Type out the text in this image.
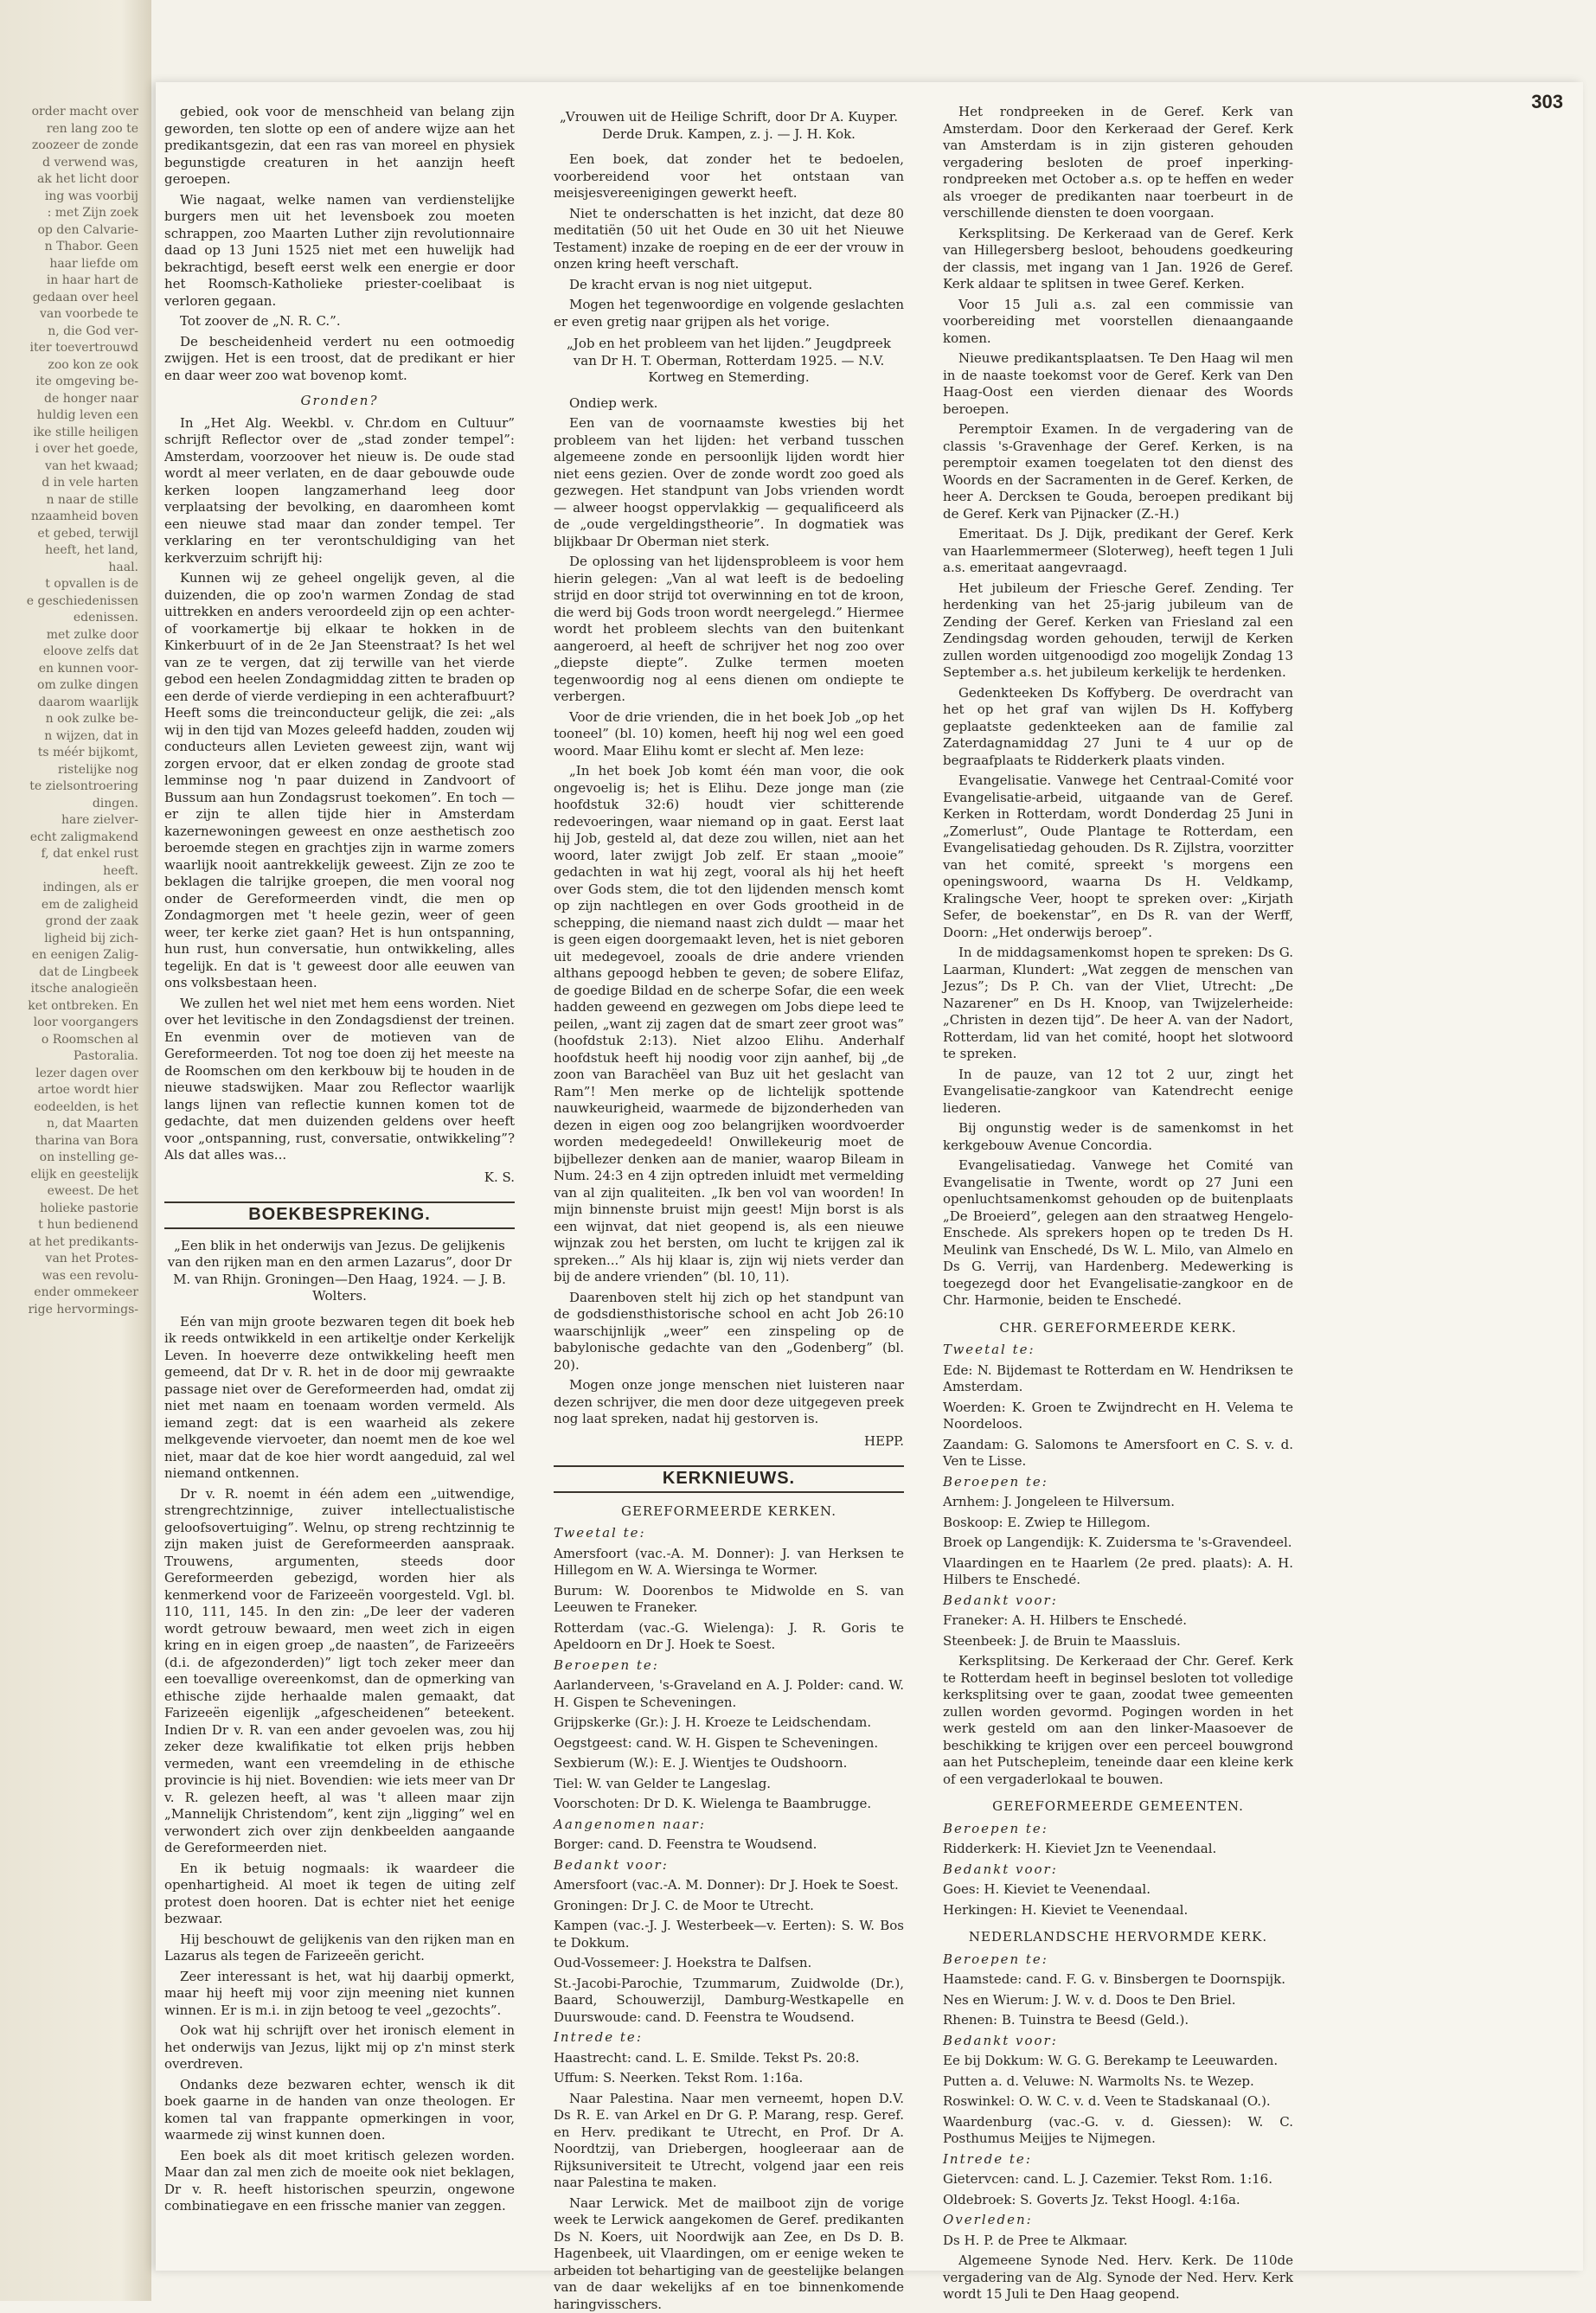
order macht over

ren lang zoo te

zoozeer de zonde

d verwend was,

ak het licht door

ing was voorbij

: met Zijn zoek

op den Calvarie-

n Thabor. Geen

haar liefde om

in haar hart de

gedaan over heel

van voorbede te

n, die God ver-

iter toevertrouwd

zoo kon ze ook

ite omgeving be-

de honger naar

huldig leven een

ike stille heiligen

i over het goede,

van het kwaad;

d in vele harten

n naar de stille

nzaamheid boven

et gebed, terwijl

heeft, het land,

haal.

t opvallen is de

e geschiedenissen

edenissen.

met zulke door

eloove zelfs dat

en kunnen voor-

om zulke dingen

daarom waarlijk

n ook zulke be-

n wijzen, dat in

ts méér bijkomt,

ristelijke nog

te zielsontroering

dingen.

hare zielver-

echt zaligmakend

f, dat enkel rust

heeft.

indingen, als er

em de zaligheid

grond der zaak

ligheid bij zich-

en eenigen Zalig-

dat de Lingbeek

itsche analogieën

ket ontbreken. En

loor voorgangers

o Roomschen al

Pastoralia.

lezer dagen over

artoe wordt hier

eodeelden, is het

n, dat Maarten

tharina van Bora

on instelling ge-

elijk en geestelijk

eweest. De het

holieke pastorie

t hun bedienend

at het predikants-

van het Protes-

was een revolu-

ender ommekeer

rige hervormings-

303

gebied, ook voor de menschheid van belang zijn geworden, ten slotte op een of andere wijze aan het predikantsgezin, dat een ras van moreel en physiek begunstigde creaturen in het aanzijn heeft geroepen.

Wie nagaat, welke namen van verdienstelijke burgers men uit het levensboek zou moeten schrappen, zoo Maarten Luther zijn revolutionnaire daad op 13 Juni 1525 niet met een huwelijk had bekrachtigd, beseft eerst welk een energie er door het Roomsch-Katholieke priester-coelibaat is verloren gegaan.

Tot zoover de „N. R. C.”.

De bescheidenheid verdert nu een ootmoedig zwijgen. Het is een troost, dat de predikant er hier en daar weer zoo wat bovenop komt.

Gronden?

In „Het Alg. Weekbl. v. Chr.dom en Cultuur” schrijft Reflector over de „stad zonder tempel”: Amsterdam, voorzoover het nieuw is. De oude stad wordt al meer verlaten, en de daar gebouwde oude kerken loopen langzamerhand leeg door verplaatsing der bevolking, en daaromheen komt een nieuwe stad maar dan zonder tempel. Ter verklaring en ter verontschuldiging van het kerkverzuim schrijft hij:

Kunnen wij ze geheel ongelijk geven, al die duizenden, die op zoo'n warmen Zondag de stad uittrekken en anders veroordeeld zijn op een achter- of voorkamertje bij elkaar te hokken in de Kinkerbuurt of in de 2e Jan Steenstraat? Is het wel van ze te vergen, dat zij terwille van het vierde gebod een heelen Zondagmiddag zitten te braden op een derde of vierde verdieping in een achterafbuurt? Heeft soms die treinconducteur gelijk, die zei: „als wij in den tijd van Mozes geleefd hadden, zouden wij conducteurs allen Levieten geweest zijn, want wij zorgen ervoor, dat er elken zondag de groote stad lemminse nog 'n paar duizend in Zandvoort of Bussum aan hun Zondagsrust toekomen”. En toch — er zijn te allen tijde hier in Amsterdam kazernewoningen geweest en onze aesthetisch zoo beroemde stegen en grachtjes zijn in warme zomers waarlijk nooit aantrekkelijk geweest. Zijn ze zoo te beklagen die talrijke groepen, die men vooral nog onder de Gereformeerden vindt, die men op Zondagmorgen met 't heele gezin, weer of geen weer, ter kerke ziet gaan? Het is hun ontspanning, hun rust, hun conversatie, hun ontwikkeling, alles tegelijk. En dat is 't geweest door alle eeuwen van ons volksbestaan heen.

We zullen het wel niet met hem eens worden. Niet over het levitische in den Zondagsdienst der treinen. En evenmin over de motieven van de Gereformeerden. Tot nog toe doen zij het meeste na de Roomschen om den kerkbouw bij te houden in de nieuwe stadswijken. Maar zou Reflector waarlijk langs lijnen van reflectie kunnen komen tot de gedachte, dat men duizenden geldens over heeft voor „ontspanning, rust, conversatie, ontwikkeling”? Als dat alles was...

K. S.
BOEKBESPREKING.

„Een blik in het onderwijs van Jezus. De gelijkenis van den rijken man en den armen Lazarus”, door Dr M. van Rhijn. Groningen—Den Haag, 1924. — J. B. Wolters.

Eén van mijn groote bezwaren tegen dit boek heb ik reeds ontwikkeld in een artikeltje onder Kerkelijk Leven. In hoeverre deze ontwikkeling heeft men gemeend, dat Dr v. R. het in de door mij gewraakte passage niet over de Gereformeerden had, omdat zij niet met naam en toenaam worden vermeld. Als iemand zegt: dat is een waarheid als zekere melkgevende viervoeter, dan noemt men de koe wel niet, maar dat de koe hier wordt aangeduid, zal wel niemand ontkennen.

Dr v. R. noemt in één adem een „uitwendige, strengrechtzinnige, zuiver intellectualistische geloofsovertuiging”. Welnu, op streng rechtzinnig te zijn maken juist de Gereformeerden aanspraak. Trouwens, argumenten, steeds door Gereformeerden gebezigd, worden hier als kenmerkend voor de Farizeeën voorgesteld. Vgl. bl. 110, 111, 145. In den zin: „De leer der vaderen wordt getrouw bewaard, men weet zich in eigen kring en in eigen groep „de naasten”, de Farizeeërs (d.i. de afgezonderden)” ligt toch zeker meer dan een toevallige overeenkomst, dan de opmerking van ethische zijde herhaalde malen gemaakt, dat Farizeeën eigenlijk „afgescheidenen” beteekent. Indien Dr v. R. van een ander gevoelen was, zou hij zeker deze kwalifikatie tot elken prijs hebben vermeden, want een vreemdeling in de ethische provincie is hij niet. Bovendien: wie iets meer van Dr v. R. gelezen heeft, al was 't alleen maar zijn „Mannelijk Christendom”, kent zijn „ligging” wel en verwondert zich over zijn denkbeelden aangaande de Gereformeerden niet.

En ik betuig nogmaals: ik waardeer die openhartigheid. Al moet ik tegen de uiting zelf protest doen hooren. Dat is echter niet het eenige bezwaar.

Hij beschouwt de gelijkenis van den rijken man en Lazarus als tegen de Farizeeën gericht.

Zeer interessant is het, wat hij daarbij opmerkt, maar hij heeft mij voor zijn meening niet kunnen winnen. Er is m.i. in zijn betoog te veel „gezochts”.

Ook wat hij schrijft over het ironisch element in het onderwijs van Jezus, lijkt mij op z'n minst sterk overdreven.

Ondanks deze bezwaren echter, wensch ik dit boek gaarne in de handen van onze theologen. Er komen tal van frappante opmerkingen in voor, waarmede zij winst kunnen doen.

Een boek als dit moet kritisch gelezen worden. Maar dan zal men zich de moeite ook niet beklagen, Dr v. R. heeft historischen speurzin, ongewone combinatiegave en een frissche manier van zeggen.

„Vrouwen uit de Heilige Schrift, door Dr A. Kuyper. Derde Druk. Kampen, z. j. — J. H. Kok.

Een boek, dat zonder het te bedoelen, voorbereidend voor het ontstaan van meisjesvereenigingen gewerkt heeft.

Niet te onderschatten is het inzicht, dat deze 80 meditatiën (50 uit het Oude en 30 uit het Nieuwe Testament) inzake de roeping en de eer der vrouw in onzen kring heeft verschaft.

De kracht ervan is nog niet uitgeput.

Mogen het tegenwoordige en volgende geslachten er even gretig naar grijpen als het vorige.

„Job en het probleem van het lijden.” Jeugdpreek van Dr H. T. Oberman, Rotterdam 1925. — N.V. Kortweg en Stemerding.

Ondiep werk.

Een van de voornaamste kwesties bij het probleem van het lijden: het verband tusschen algemeene zonde en persoonlijk lijden wordt hier niet eens gezien. Over de zonde wordt zoo goed als gezwegen. Het standpunt van Jobs vrienden wordt — alweer hoogst oppervlakkig — gequalificeerd als de „oude vergeldingstheorie”. In dogmatiek was blijkbaar Dr Oberman niet sterk.

De oplossing van het lijdensprobleem is voor hem hierin gelegen: „Van al wat leeft is de bedoeling strijd en door strijd tot overwinning en tot de kroon, die werd bij Gods troon wordt neergelegd.” Hiermee wordt het probleem slechts van den buitenkant aangeroerd, al heeft de schrijver het nog zoo over „diepste diepte”. Zulke termen moeten tegenwoordig nog al eens dienen om ondiepte te verbergen.

Voor de drie vrienden, die in het boek Job „op het tooneel” (bl. 10) komen, heeft hij nog wel een goed woord. Maar Elihu komt er slecht af. Men leze:

„In het boek Job komt één man voor, die ook ongevoelig is; het is Elihu. Deze jonge man (zie hoofdstuk 32:6) houdt vier schitterende redevoeringen, waar niemand op in gaat. Eerst laat hij Job, gesteld al, dat deze zou willen, niet aan het woord, later zwijgt Job zelf. Er staan „mooie” gedachten in wat hij zegt, vooral als hij het heeft over Gods stem, die tot den lijdenden mensch komt op zijn nachtlegen en over Gods grootheid in de schepping, die niemand naast zich duldt — maar het is geen eigen doorgemaakt leven, het is niet geboren uit medegevoel, zooals de drie andere vrienden althans gepoogd hebben te geven; de sobere Elifaz, de goedige Bildad en de scherpe Sofar, die een week hadden geweend en gezwegen om Jobs diepe leed te peilen, „want zij zagen dat de smart zeer groot was” (hoofdstuk 2:13). Niet alzoo Elihu. Anderhalf hoofdstuk heeft hij noodig voor zijn aanhef, bij „de zoon van Barachëel van Buz uit het geslacht van Ram”! Men merke op de lichtelijk spottende nauwkeurigheid, waarmede de bijzonderheden van dezen in eigen oog zoo belangrijken woordvoerder worden medegedeeld! Onwillekeurig moet de bijbellezer denken aan de manier, waarop Bileam in Num. 24:3 en 4 zijn optreden inluidt met vermelding van al zijn qualiteiten. „Ik ben vol van woorden! In mijn binnenste bruist mijn geest! Mijn borst is als een wijnvat, dat niet geopend is, als een nieuwe wijnzak zou het bersten, om lucht te krijgen zal ik spreken...” Als hij klaar is, zijn wij niets verder dan bij de andere vrienden” (bl. 10, 11).

Daarenboven stelt hij zich op het standpunt van de godsdiensthistorische school en acht Job 26:10 waarschijnlijk „weer” een zinspeling op de babylonische gedachte van den „Godenberg” (bl. 20).

Mogen onze jonge menschen niet luisteren naar dezen schrijver, die men door deze uitgegeven preek nog laat spreken, nadat hij gestorven is.

HEPP.
KERKNIEUWS.
GEREFORMEERDE KERKEN.

Tweetal te:

Amersfoort (vac.-A. M. Donner): J. van Herksen te Hillegom en W. A. Wiersinga te Wormer.

Burum: W. Doorenbos te Midwolde en S. van Leeuwen te Franeker.

Rotterdam (vac.-G. Wielenga): J. R. Goris te Apeldoorn en Dr J. Hoek te Soest.

Beroepen te:

Aarlanderveen, 's-Graveland en A. J. Polder: cand. W. H. Gispen te Scheveningen.

Grijpskerke (Gr.): J. H. Kroeze te Leidschendam.

Oegstgeest: cand. W. H. Gispen te Scheveningen.

Sexbierum (W.): E. J. Wientjes te Oudshoorn.

Tiel: W. van Gelder te Langeslag.

Voorschoten: Dr D. K. Wielenga te Baambrugge.

Aangenomen naar:

Borger: cand. D. Feenstra te Woudsend.

Bedankt voor:

Amersfoort (vac.-A. M. Donner): Dr J. Hoek te Soest.

Groningen: Dr J. C. de Moor te Utrecht.

Kampen (vac.-J. J. Westerbeek—v. Eerten): S. W. Bos te Dokkum.

Oud-Vossemeer: J. Hoekstra te Dalfsen.

St.-Jacobi-Parochie, Tzummarum, Zuidwolde (Dr.), Baard, Schouwerzijl, Damburg-Westkapelle en Duurswoude: cand. D. Feenstra te Woudsend.

Intrede te:

Haastrecht: cand. L. E. Smilde. Tekst Ps. 20:8.

Uffum: S. Neerken. Tekst Rom. 1:16a.

Naar Palestina. Naar men verneemt, hopen D.V. Ds R. E. van Arkel en Dr G. P. Marang, resp. Geref. en Herv. predikant te Utrecht, en Prof. Dr A. Noordtzij, van Driebergen, hoogleeraar aan de Rijksuniversiteit te Utrecht, volgend jaar een reis naar Palestina te maken.

Naar Lerwick. Met de mailboot zijn de vorige week te Lerwick aangekomen de Geref. predikanten Ds N. Koers, uit Noordwijk aan Zee, en Ds D. B. Hagenbeek, uit Vlaardingen, om er eenige weken te arbeiden tot behartiging van de geestelijke belangen van de daar wekelijks af en toe binnenkomende haringvisschers.

Het rondpreeken in de Geref. Kerk van Amsterdam. Door den Kerkeraad der Geref. Kerk van Amsterdam is in zijn gisteren gehouden vergadering besloten de proef inperking-rondpreeken met October a.s. op te heffen en weder als vroeger de predikanten naar toerbeurt in de verschillende diensten te doen voorgaan.

Kerksplitsing. De Kerkeraad van de Geref. Kerk van Hillegersberg besloot, behoudens goedkeuring der classis, met ingang van 1 Jan. 1926 de Geref. Kerk aldaar te splitsen in twee Geref. Kerken.

Voor 15 Juli a.s. zal een commissie van voorbereiding met voorstellen dienaangaande komen.

Nieuwe predikantsplaatsen. Te Den Haag wil men in de naaste toekomst voor de Geref. Kerk van Den Haag-Oost een vierden dienaar des Woords beroepen.

Peremptoir Examen. In de vergadering van de classis 's-Gravenhage der Geref. Kerken, is na peremptoir examen toegelaten tot den dienst des Woords en der Sacramenten in de Geref. Kerken, de heer A. Dercksen te Gouda, beroepen predikant bij de Geref. Kerk van Pijnacker (Z.-H.)

Emeritaat. Ds J. Dijk, predikant der Geref. Kerk van Haarlemmermeer (Sloterweg), heeft tegen 1 Juli a.s. emeritaat aangevraagd.

Het jubileum der Friesche Geref. Zending. Ter herdenking van het 25-jarig jubileum van de Zending der Geref. Kerken van Friesland zal een Zendingsdag worden gehouden, terwijl de Kerken zullen worden uitgenoodigd zoo mogelijk Zondag 13 September a.s. het jubileum kerkelijk te herdenken.

Gedenkteeken Ds Koffyberg. De overdracht van het op het graf van wijlen Ds H. Koffyberg geplaatste gedenkteeken aan de familie zal Zaterdagnamiddag 27 Juni te 4 uur op de begraafplaats te Ridderkerk plaats vinden.

Evangelisatie. Vanwege het Centraal-Comité voor Evangelisatie-arbeid, uitgaande van de Geref. Kerken in Rotterdam, wordt Donderdag 25 Juni in „Zomerlust”, Oude Plantage te Rotterdam, een Evangelisatiedag gehouden. Ds R. Zijlstra, voorzitter van het comité, spreekt 's morgens een openingswoord, waarna Ds H. Veldkamp, Kralingsche Veer, hoopt te spreken over: „Kirjath Sefer, de boekenstar”, en Ds R. van der Werff, Doorn: „Het onderwijs beroep”.

In de middagsamenkomst hopen te spreken: Ds G. Laarman, Klundert: „Wat zeggen de menschen van Jezus”; Ds P. Ch. van der Vliet, Utrecht: „De Nazarener” en Ds H. Knoop, van Twijzelerheide: „Christen in dezen tijd”. De heer A. van der Nadort, Rotterdam, lid van het comité, hoopt het slotwoord te spreken.

In de pauze, van 12 tot 2 uur, zingt het Evangelisatie-zangkoor van Katendrecht eenige liederen.

Bij ongunstig weder is de samenkomst in het kerkgebouw Avenue Concordia.

Evangelisatiedag. Vanwege het Comité van Evangelisatie in Twente, wordt op 27 Juni een openluchtsamenkomst gehouden op de buitenplaats „De Broeierd”, gelegen aan den straatweg Hengelo-Enschede. Als sprekers hopen op te treden Ds H. Meulink van Enschedé, Ds W. L. Milo, van Almelo en Ds G. Verrij, van Hardenberg. Medewerking is toegezegd door het Evangelisatie-zangkoor en de Chr. Harmonie, beiden te Enschedé.

CHR. GEREFORMEERDE KERK.

Tweetal te:

Ede: N. Bijdemast te Rotterdam en W. Hendriksen te Amsterdam.

Woerden: K. Groen te Zwijndrecht en H. Velema te Noordeloos.

Zaandam: G. Salomons te Amersfoort en C. S. v. d. Ven te Lisse.

Beroepen te:

Arnhem: J. Jongeleen te Hilversum.

Boskoop: E. Zwiep te Hillegom.

Broek op Langendijk: K. Zuidersma te 's-Gravendeel.

Vlaardingen en te Haarlem (2e pred. plaats): A. H. Hilbers te Enschedé.

Bedankt voor:

Franeker: A. H. Hilbers te Enschedé.

Steenbeek: J. de Bruin te Maassluis.

Kerksplitsing. De Kerkeraad der Chr. Geref. Kerk te Rotterdam heeft in beginsel besloten tot volledige kerksplitsing over te gaan, zoodat twee gemeenten zullen worden gevormd. Pogingen worden in het werk gesteld om aan den linker-Maasoever de beschikking te krijgen over een perceel bouwgrond aan het Putschepleim, teneinde daar een kleine kerk of een vergaderlokaal te bouwen.

GEREFORMEERDE GEMEENTEN.

Beroepen te:

Ridderkerk: H. Kieviet Jzn te Veenendaal.

Bedankt voor:

Goes: H. Kieviet te Veenendaal.

Herkingen: H. Kieviet te Veenendaal.

NEDERLANDSCHE HERVORMDE KERK.

Beroepen te:

Haamstede: cand. F. G. v. Binsbergen te Doornspijk.

Nes en Wierum: J. W. v. d. Doos te Den Briel.

Rhenen: B. Tuinstra te Beesd (Geld.).

Bedankt voor:

Ee bij Dokkum: W. G. G. Berekamp te Leeuwarden.

Putten a. d. Veluwe: N. Warmolts Ns. te Wezep.

Roswinkel: O. W. C. v. d. Veen te Stadskanaal (O.).

Waardenburg (vac.-G. v. d. Giessen): W. C. Posthumus Meijjes te Nijmegen.

Intrede te:

Gietervcen: cand. L. J. Cazemier. Tekst Rom. 1:16.

Oldebroek: S. Goverts Jz. Tekst Hoogl. 4:16a.

Overleden:

Ds H. P. de Pree te Alkmaar.

Algemeene Synode Ned. Herv. Kerk. De 110de vergadering van de Alg. Synode der Ned. Herv. Kerk wordt 15 Juli te Den Haag geopend.
